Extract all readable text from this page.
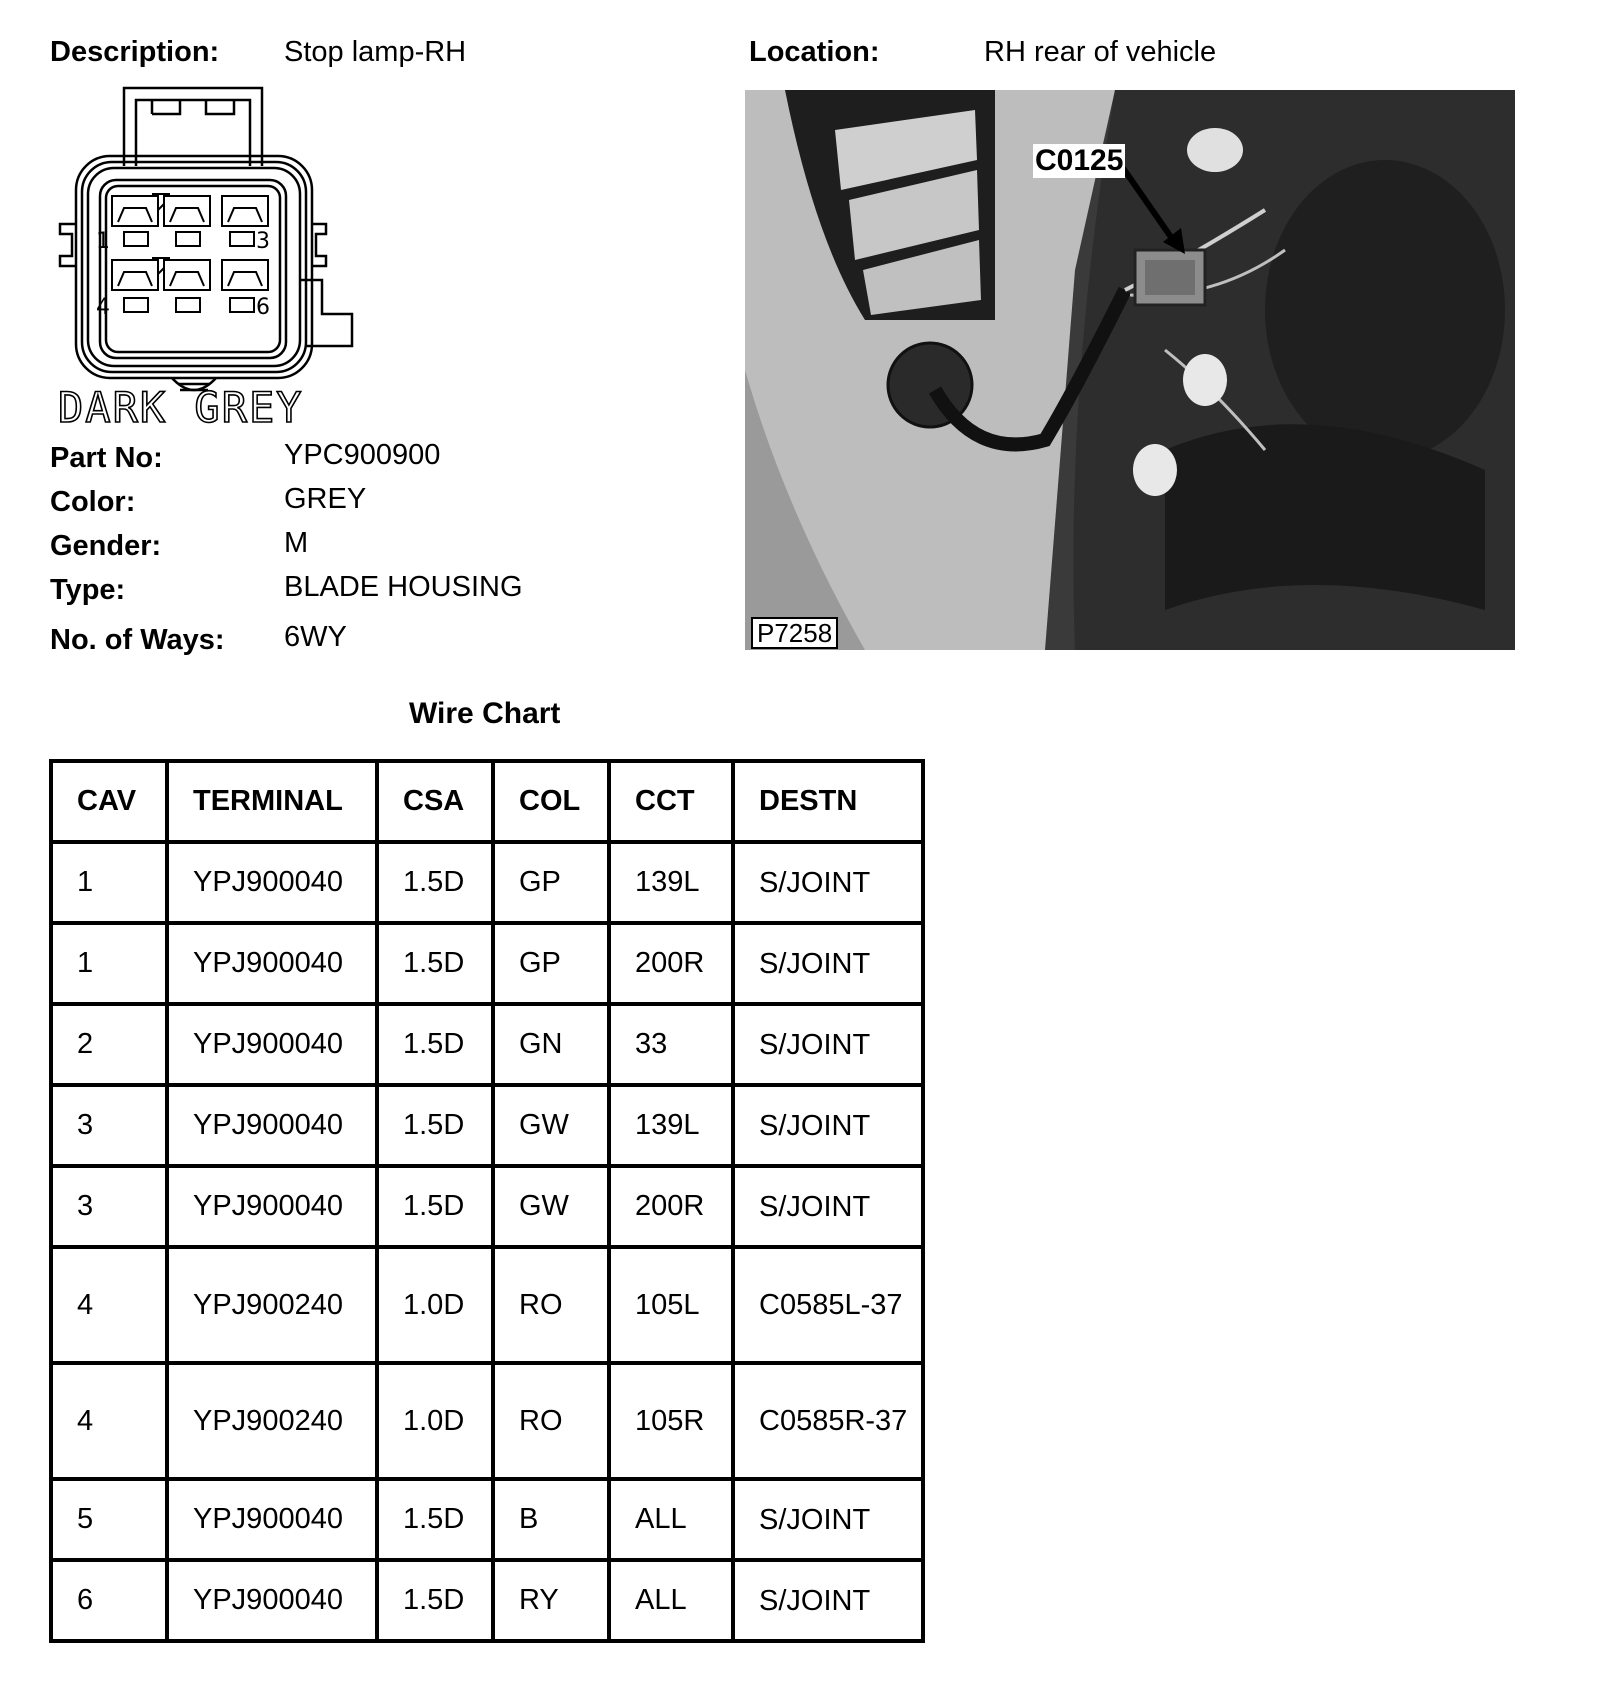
Description: Stop lamp-RH	Location:	RH rear of vehicle
1	3
4	6
DARK GREY
Part No:	YPC900900
Color:	GREY
Gender:	M
Type:	BLADE HOUSING
No. of Ways: 6WY
C0125
P7258
Wire Chart
CAV	TERMINAL	CSA	COL	CCT	DESTN
1	YPJ900040	1.5D	GP	139L	S/JOINT
1	YPJ900040	1.5D	GP	200R	S/JOINT
2	YPJ900040	1.5D	GN	33	S/JOINT
3	YPJ900040	1.5D	GW	139L	S/JOINT
3	YPJ900040	1.5D	GW	200R	S/JOINT
4	YPJ900240	1.0D	RO	105L	C0585L-37
4	YPJ900240	1.0D	RO	105R	C0585R-37
5	YPJ900040	1.5D	B	ALL	S/JOINT
6	YPJ900040	1.5D	RY	ALL	S/JOINT
